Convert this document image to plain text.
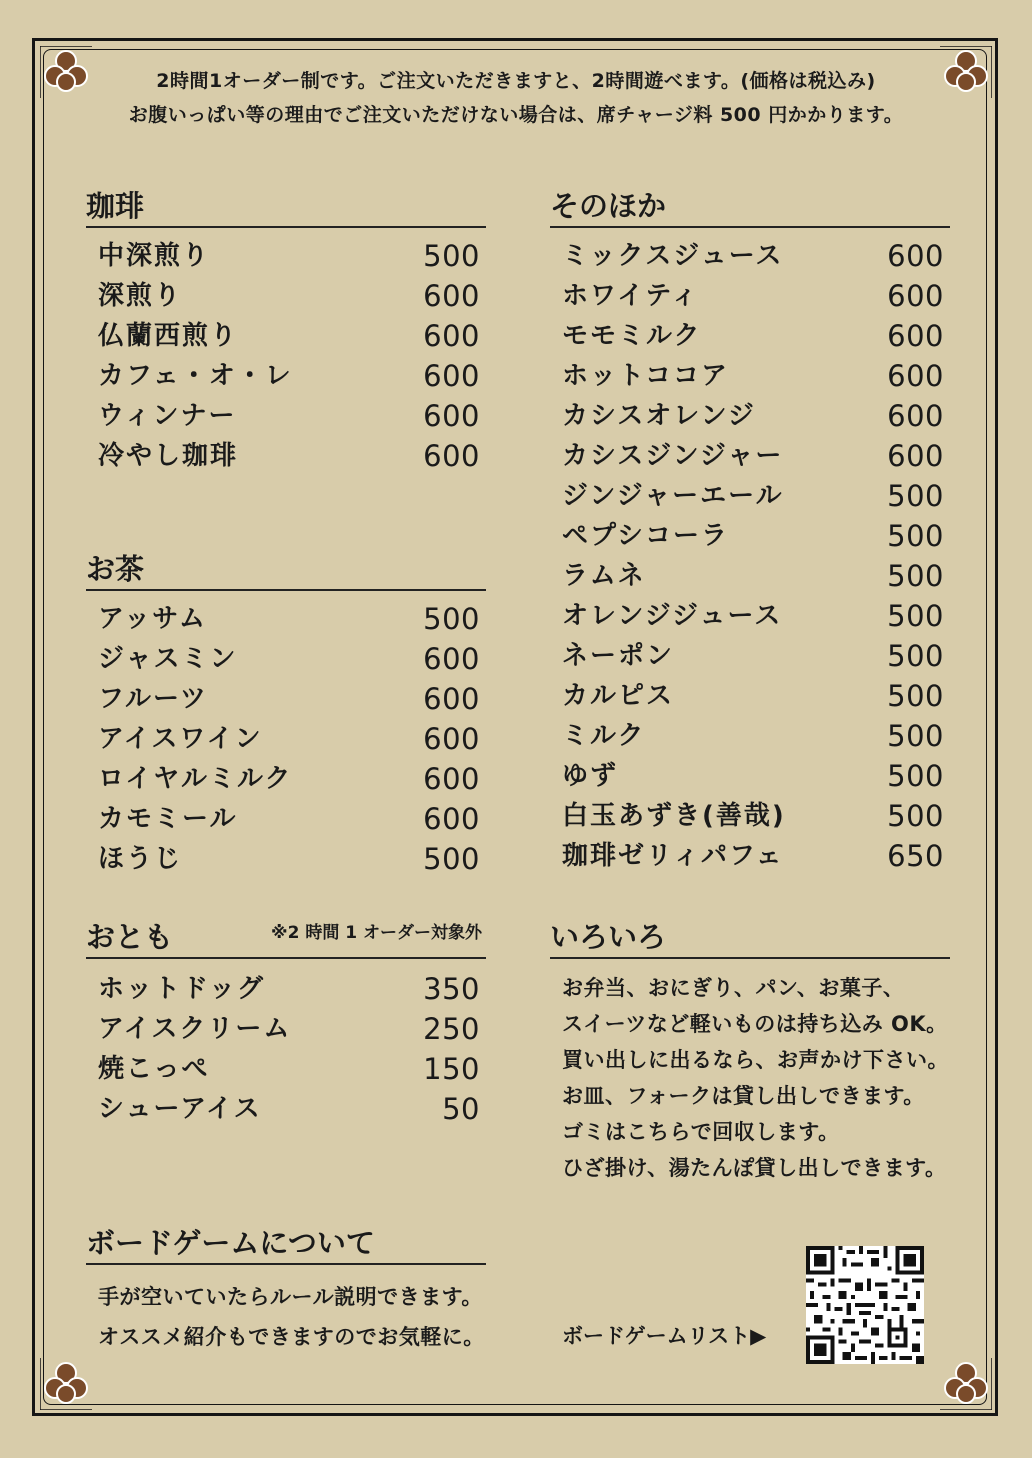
2時間1オーダー制です。ご注文いただきますと、2時間遊べます。(価格は税込み)
お腹いっぱい等の理由でご注文いただけない場合は、席チャージ料 500 円かかります。
珈琲
中深煎り	500
深煎り	600
仏蘭西煎り	600
カフェ・オ・レ	600
ウィンナー	600
冷やし珈琲	600
お茶
アッサム	500
ジャスミン	600
フルーツ	600
アイスワイン	600
ロイヤルミルク	600
カモミール	600
ほうじ	500
おとも	※2 時間 1 オーダー対象外
ホットドッグ	350
アイスクリーム	250
焼こっぺ	150
シューアイス	50
そのほか
ミックスジュース	600
ホワイティ	600
モモミルク	600
ホットココア	600
カシスオレンジ	600
カシスジンジャー	600
ジンジャーエール	500
ペプシコーラ	500
ラムネ	500
オレンジジュース	500
ネーポン	500
カルピス	500
ミルク	500
ゆず	500
白玉あずき(善哉)	500
珈琲ゼリィパフェ	650
いろいろ
お弁当、おにぎり、パン、お菓子、
スイーツなど軽いものは持ち込み OK。
買い出しに出るなら、お声かけ下さい。
お皿、フォークは貸し出しできます。
ゴミはこちらで回収します。
ひざ掛け、湯たんぽ貸し出しできます。
ボードゲームについて
手が空いていたらルール説明できます。
オススメ紹介もできますのでお気軽に。	ボードゲームリスト▶
